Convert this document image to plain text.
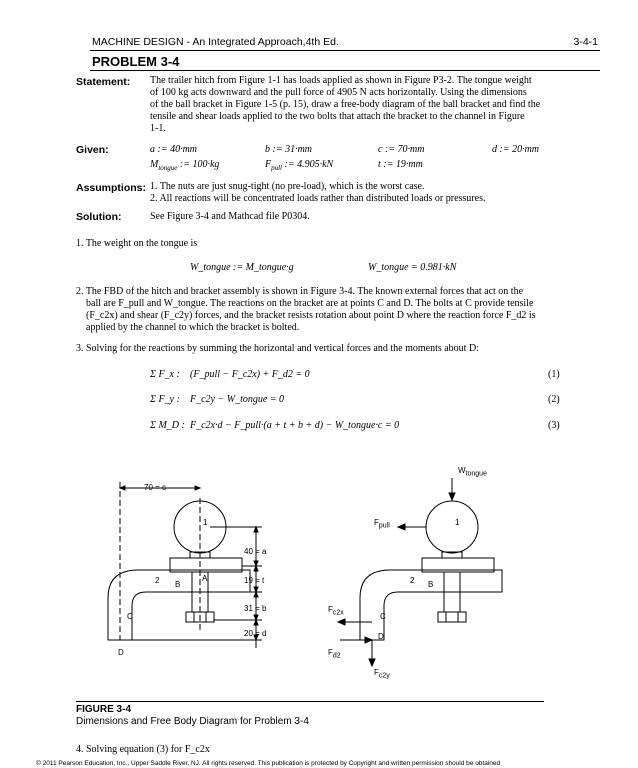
MACHINE DESIGN - An Integrated Approach,4th Ed.	3-4-1
PROBLEM 3-4
Statement: The trailer hitch from Figure 1-1 has loads applied as shown in Figure P3-2. The tongue weight
of 100 kg acts downward and the pull force of 4905 N acts horizontally. Using the dimensions
of the ball bracket in Figure 1-5 (p. 15), draw a free-body diagram of the ball bracket and find the
tensile and shear loads applied to the two bolts that attach the bracket to the channel in Figure
1-1.
Given:	a := 40·mm	b := 31·mm	c := 70·mm	d := 20·mm
$M_{tongue}$ := 100·kg	$F_{pull}$ := 4.905·kN	t := 19·mm
Assumptions: 1. The nuts are just snug-tight (no pre-load), which is the worst case.
2. All reactions will be concentrated loads rather than distributed loads or pressures.
Solution:	See Figure 3-4 and Mathcad file P0304.
1. The weight on the tongue is
W_tongue := M_tongue·g	W_tongue = 0.981·kN
2. The FBD of the hitch and bracket assembly is shown in Figure 3-4. The known external forces that act on the
ball are F_pull and W_tongue. The reactions on the bracket are at points C and D. The bolts at C provide tensile
(F_c2x) and shear (F_c2y) forces, and the bracket resists rotation about point D where the reaction force F_d2 is
applied by the channel to which the bracket is bolted.
3. Solving for the reactions by summing the horizontal and vertical forces and the moments about D:
Σ F_x : (F_pull − F_c2x) + F_d2 = 0	(1)
Σ F_y : F_c2y − W_tongue = 0	(2)
Σ M_D : F_c2x·d − F_pull·(a + t + b + d) − W_tongue·c = 0	(3)
70 = c
40 = a
19 = t
31 = b
20 = d
1
2 B
A
C
D
$W_{tongue}$
$F_{pull}$
$F_{c2x}$
$F_{d2}$
$F_{c2y}$
1
2 B
C
D
FIGURE 3-4
Dimensions and Free Body Diagram for Problem 3-4
4. Solving equation (3) for F_c2x
© 2011 Pearson Education, Inc., Upper Saddle River, NJ. All rights reserved. This publication is protected by Copyright and written permission should be obtained
